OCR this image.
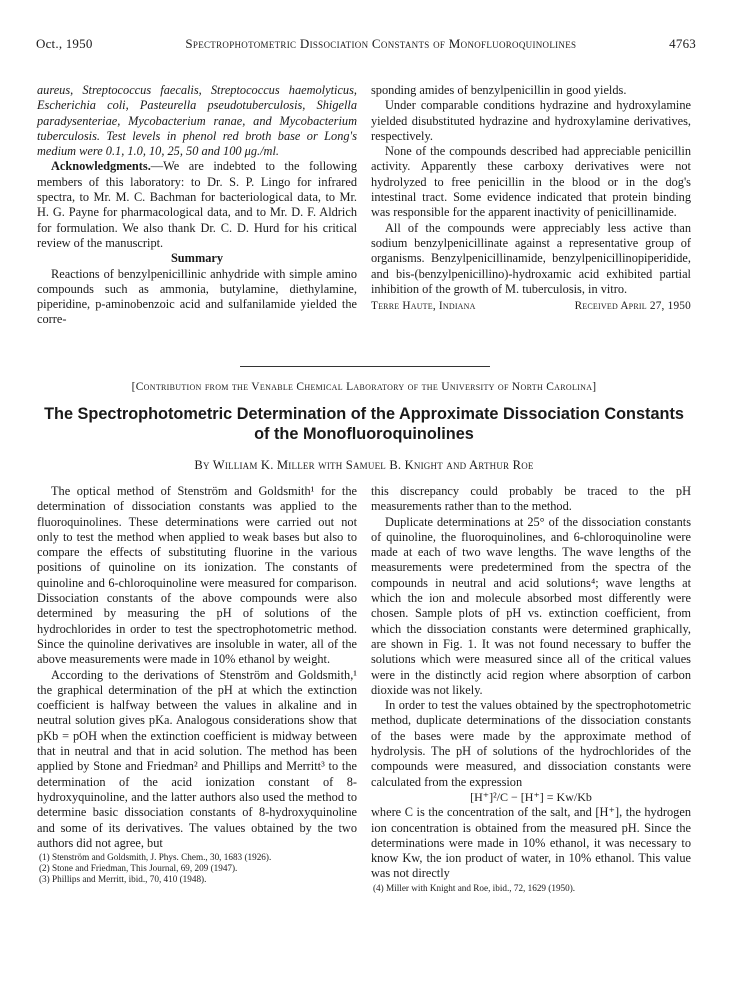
Oct., 1950	Spectrophotometric Dissociation Constants of Monofluoroquinolines	4763

aureus, Streptococcus faecalis, Streptococcus haemolyticus, Escherichia coli, Pasteurella pseudotuberculosis, Shigella paradysenteriae, Mycobacterium ranae, and Mycobacterium tuberculosis. Test levels in phenol red broth base or Long's medium were 0.1, 1.0, 10, 25, 50 and 100 μg./ml.

Acknowledgments.—We are indebted to the following members of this laboratory: to Dr. S. P. Lingo for infrared spectra, to Mr. M. C. Bachman for bacteriological data, to Mr. H. G. Payne for pharmacological data, and to Mr. D. F. Aldrich for formulation. We also thank Dr. C. D. Hurd for his critical review of the manuscript.

Summary

Reactions of benzylpenicillinic anhydride with simple amino compounds such as ammonia, butylamine, diethylamine, piperidine, p-aminobenzoic acid and sulfanilamide yielded the corre-

sponding amides of benzylpenicillin in good yields.

Under comparable conditions hydrazine and hydroxylamine yielded disubstituted hydrazine and hydroxylamine derivatives, respectively.

None of the compounds described had appreciable penicillin activity. Apparently these carboxy derivatives were not hydrolyzed to free penicillin in the blood or in the dog's intestinal tract. Some evidence indicated that protein binding was responsible for the apparent inactivity of penicillinamide.

All of the compounds were appreciably less active than sodium benzylpenicillinate against a representative group of organisms. Benzylpenicillinamide, benzylpenicillinopiperidide, and bis-(benzylpenicillino)-hydroxamic acid exhibited partial inhibition of the growth of M. tuberculosis, in vitro.

Terre Haute, Indiana	Received April 27, 1950
[Contribution from the Venable Chemical Laboratory of the University of North Carolina]
The Spectrophotometric Determination of the Approximate Dissociation Constants of the Monofluoroquinolines
By William K. Miller with Samuel B. Knight and Arthur Roe

The optical method of Stenström and Goldsmith¹ for the determination of dissociation constants was applied to the fluoroquinolines. These determinations were carried out not only to test the method when applied to weak bases but also to compare the effects of substituting fluorine in the various positions of quinoline on its ionization. The constants of quinoline and 6-chloroquinoline were measured for comparison. Dissociation constants of the above compounds were also determined by measuring the pH of solutions of the hydrochlorides in order to test the spectrophotometric method. Since the quinoline derivatives are insoluble in water, all of the above measurements were made in 10% ethanol by weight.

According to the derivations of Stenström and Goldsmith,¹ the graphical determination of the pH at which the extinction coefficient is halfway between the values in alkaline and in neutral solution gives pKa. Analogous considerations show that pKb = pOH when the extinction coefficient is midway between that in neutral and that in acid solution. The method has been applied by Stone and Friedman² and Phillips and Merritt³ to the determination of the acid ionization constant of 8-hydroxyquinoline, and the latter authors also used the method to determine basic dissociation constants of 8-hydroxyquinoline and some of its derivatives. The values obtained by the two authors did not agree, but

(1) Stenström and Goldsmith, J. Phys. Chem., 30, 1683 (1926).

(2) Stone and Friedman, This Journal, 69, 209 (1947).

(3) Phillips and Merritt, ibid., 70, 410 (1948).

this discrepancy could probably be traced to the pH measurements rather than to the method.

Duplicate determinations at 25° of the dissociation constants of quinoline, the fluoroquinolines, and 6-chloroquinoline were made at each of two wave lengths. The wave lengths of the measurements were predetermined from the spectra of the compounds in neutral and acid solutions⁴; wave lengths at which the ion and molecule absorbed most differently were chosen. Sample plots of pH vs. extinction coefficient, from which the dissociation constants were determined graphically, are shown in Fig. 1. It was not found necessary to buffer the solutions which were measured since all of the critical values were in the distinctly acid region where absorption of carbon dioxide was not likely.

In order to test the values obtained by the spectrophotometric method, duplicate determinations of the dissociation constants of the bases were made by the approximate method of hydrolysis. The pH of solutions of the hydrochlorides of the compounds were measured, and dissociation constants were calculated from the expression

[H⁺]²/C − [H⁺] = Kw/Kb

where C is the concentration of the salt, and [H⁺], the hydrogen ion concentration is obtained from the measured pH. Since the determinations were made in 10% ethanol, it was necessary to know Kw, the ion product of water, in 10% ethanol. This value was not directly

(4) Miller with Knight and Roe, ibid., 72, 1629 (1950).
